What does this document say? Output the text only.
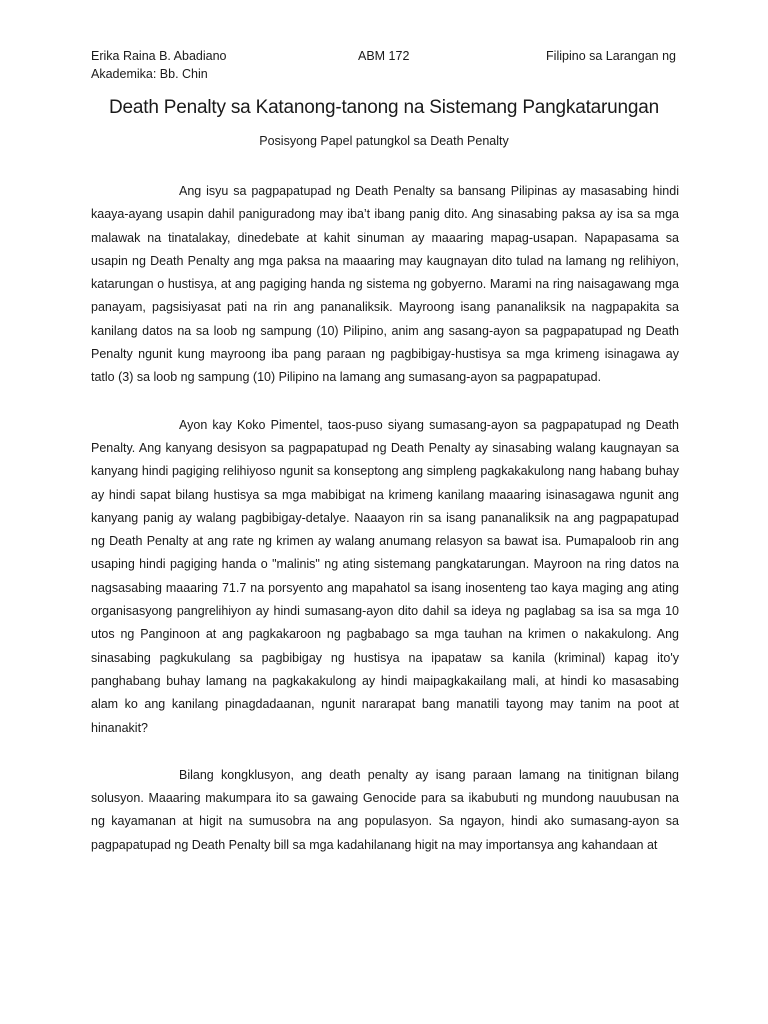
Erika Raina B. Abadiano	Filipino sa Larangan ng
ABM 172
Akademika: Bb. Chin
Death Penalty sa Katanong-tanong na Sistemang Pangkatarungan
Posisyong Papel patungkol sa Death Penalty

Ang isyu sa pagpapatupad ng Death Penalty sa bansang Pilipinas ay masasabing hindi kaaya-ayang usapin dahil paniguradong may iba’t ibang panig dito. Ang sinasabing paksa ay isa sa mga malawak na tinatalakay, dinedebate at kahit sinuman ay maaaring mapag-usapan. Napapasama sa usapin ng Death Penalty ang mga paksa na maaaring may kaugnayan dito tulad na lamang ng relihiyon, katarungan o hustisya, at ang pagiging handa ng sistema ng gobyerno. Marami na ring naisagawang mga panayam, pagsisiyasat pati na rin ang pananaliksik. Mayroong isang pananaliksik na nagpapakita sa kanilang datos na sa loob ng sampung (10) Pilipino, anim ang sasang-ayon sa pagpapatupad ng Death Penalty ngunit kung mayroong iba pang paraan ng pagbibigay-hustisya sa mga krimeng isinagawa ay tatlo (3) sa loob ng sampung (10) Pilipino na lamang ang sumasang-ayon sa pagpapatupad.

Ayon kay Koko Pimentel, taos-puso siyang sumasang-ayon sa pagpapatupad ng Death Penalty. Ang kanyang desisyon sa pagpapatupad ng Death Penalty ay sinasabing walang kaugnayan sa kanyang hindi pagiging relihiyoso ngunit sa konseptong ang simpleng pagkakakulong nang habang buhay ay hindi sapat bilang hustisya sa mga mabibigat na krimeng kanilang maaaring isinasagawa ngunit ang kanyang panig ay walang pagbibigay-detalye. Naaayon rin sa isang pananaliksik na ang pagpapatupad ng Death Penalty at ang rate ng krimen ay walang anumang relasyon sa bawat isa. Pumapaloob rin ang usaping hindi pagiging handa o "malinis" ng ating sistemang pangkatarungan. Mayroon na ring datos na nagsasabing maaaring 71.7 na porsyento ang mapahatol sa isang inosenteng tao kaya maging ang ating organisasyong pangrelihiyon ay hindi sumasang-ayon dito dahil sa ideya ng paglabag sa isa sa mga 10 utos ng Panginoon at ang pagkakaroon ng pagbabago sa mga tauhan na krimen o nakakulong. Ang sinasabing pagkukulang sa pagbibigay ng hustisya na ipapataw sa kanila (kriminal) kapag ito'y panghabang buhay lamang na pagkakakulong ay hindi maipagkakailang mali, at hindi ko masasabing alam ko ang kanilang pinagdadaanan, ngunit nararapat bang manatili tayong may tanim na poot at hinanakit?

Bilang kongklusyon, ang death penalty ay isang paraan lamang na tinitignan bilang solusyon. Maaaring makumpara ito sa gawaing Genocide para sa ikabubuti ng mundong nauubusan na ng kayamanan at higit na sumusobra na ang populasyon. Sa ngayon, hindi ako sumasang-ayon sa pagpapatupad ng Death Penalty bill sa mga kadahilanang higit na may importansya ang kahandaan at
